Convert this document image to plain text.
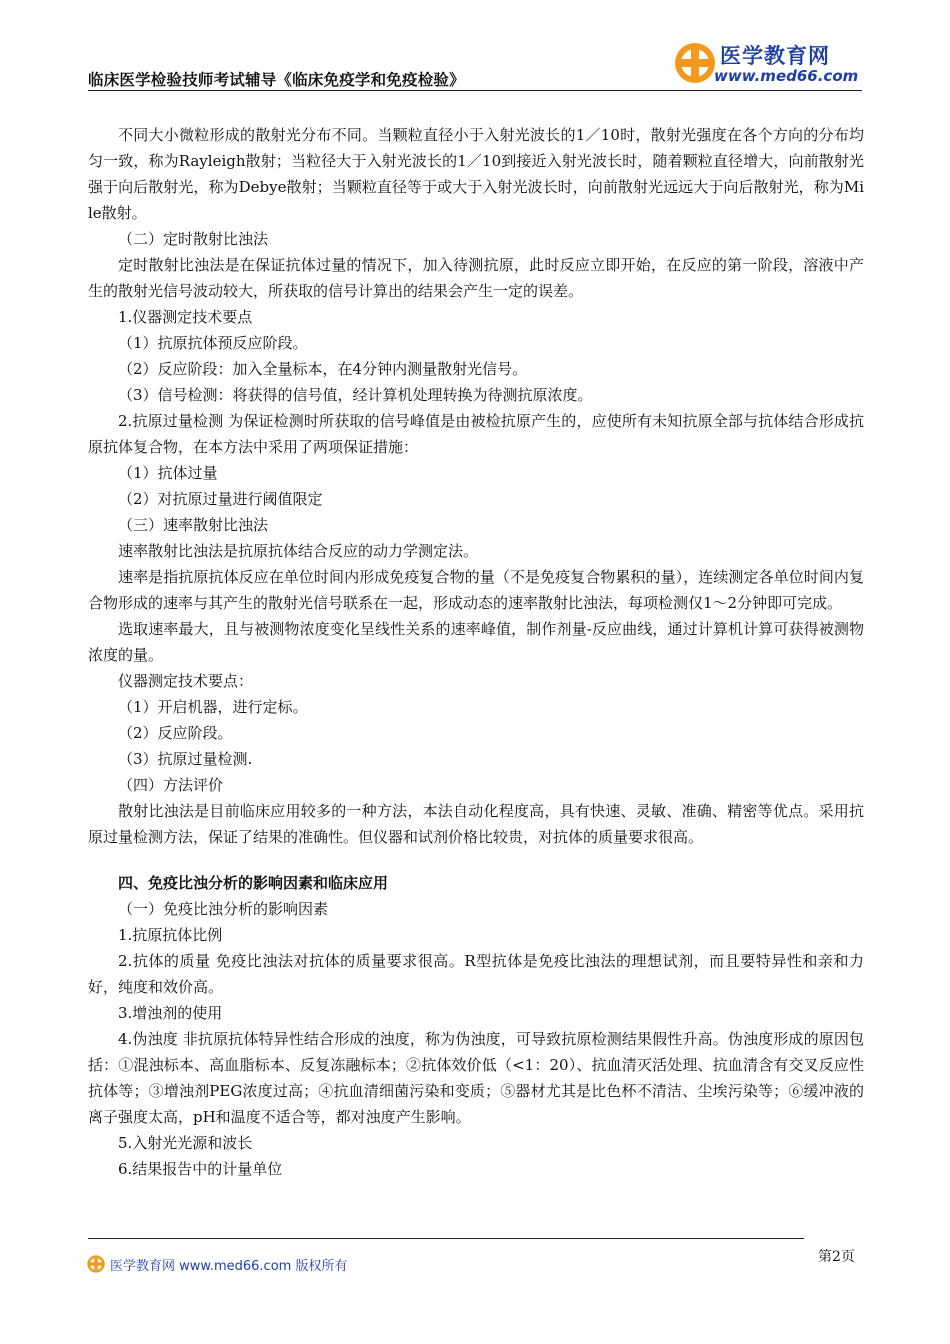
临床医学检验技师考试辅导《临床免疫学和免疫检验》
医学教育网
www.med66.com

不同大小微粒形成的散射光分布不同。当颗粒直径小于入射光波长的1／10时，散射光强度在各个方向的分布均匀一致，称为Rayleigh散射；当粒径大于入射光波长的1／10到接近入射光波长时，随着颗粒直径增大，向前散射光强于向后散射光，称为Debye散射；当颗粒直径等于或大于入射光波长时，向前散射光远远大于向后散射光，称为Mile散射。

（二）定时散射比浊法

定时散射比浊法是在保证抗体过量的情况下，加入待测抗原，此时反应立即开始，在反应的第一阶段，溶液中产生的散射光信号波动较大，所获取的信号计算出的结果会产生一定的误差。

1.仪器测定技术要点

（1）抗原抗体预反应阶段。

（2）反应阶段：加入全量标本，在4分钟内测量散射光信号。

（3）信号检测：将获得的信号值，经计算机处理转换为待测抗原浓度。

2.抗原过量检测 为保证检测时所获取的信号峰值是由被检抗原产生的，应使所有未知抗原全部与抗体结合形成抗原抗体复合物，在本方法中采用了两项保证措施：

（1）抗体过量

（2）对抗原过量进行阈值限定

（三）速率散射比浊法

速率散射比浊法是抗原抗体结合反应的动力学测定法。

速率是指抗原抗体反应在单位时间内形成免疫复合物的量（不是免疫复合物累积的量），连续测定各单位时间内复合物形成的速率与其产生的散射光信号联系在一起，形成动态的速率散射比浊法，每项检测仅1～2分钟即可完成。

选取速率最大，且与被测物浓度变化呈线性关系的速率峰值，制作剂量-反应曲线，通过计算机计算可获得被测物浓度的量。

仪器测定技术要点：

（1）开启机器，进行定标。

（2）反应阶段。

（3）抗原过量检测.

（四）方法评价

散射比浊法是目前临床应用较多的一种方法，本法自动化程度高，具有快速、灵敏、准确、精密等优点。采用抗原过量检测方法，保证了结果的准确性。但仪器和试剂价格比较贵，对抗体的质量要求很高。

四、免疫比浊分析的影响因素和临床应用

（一）免疫比浊分析的影响因素

1.抗原抗体比例

2.抗体的质量 免疫比浊法对抗体的质量要求很高。R型抗体是免疫比浊法的理想试剂，而且要特异性和亲和力好，纯度和效价高。

3.增浊剂的使用

4.伪浊度 非抗原抗体特异性结合形成的浊度，称为伪浊度，可导致抗原检测结果假性升高。伪浊度形成的原因包括：①混浊标本、高血脂标本、反复冻融标本；②抗体效价低（<1：20）、抗血清灭活处理、抗血清含有交叉反应性抗体等；③增浊剂PEG浓度过高；④抗血清细菌污染和变质；⑤器材尤其是比色杯不清洁、尘埃污染等；⑥缓冲液的离子强度太高，pH和温度不适合等，都对浊度产生影响。

5.入射光光源和波长

6.结果报告中的计量单位

医学教育网 www.med66.com 版权所有
第2页
